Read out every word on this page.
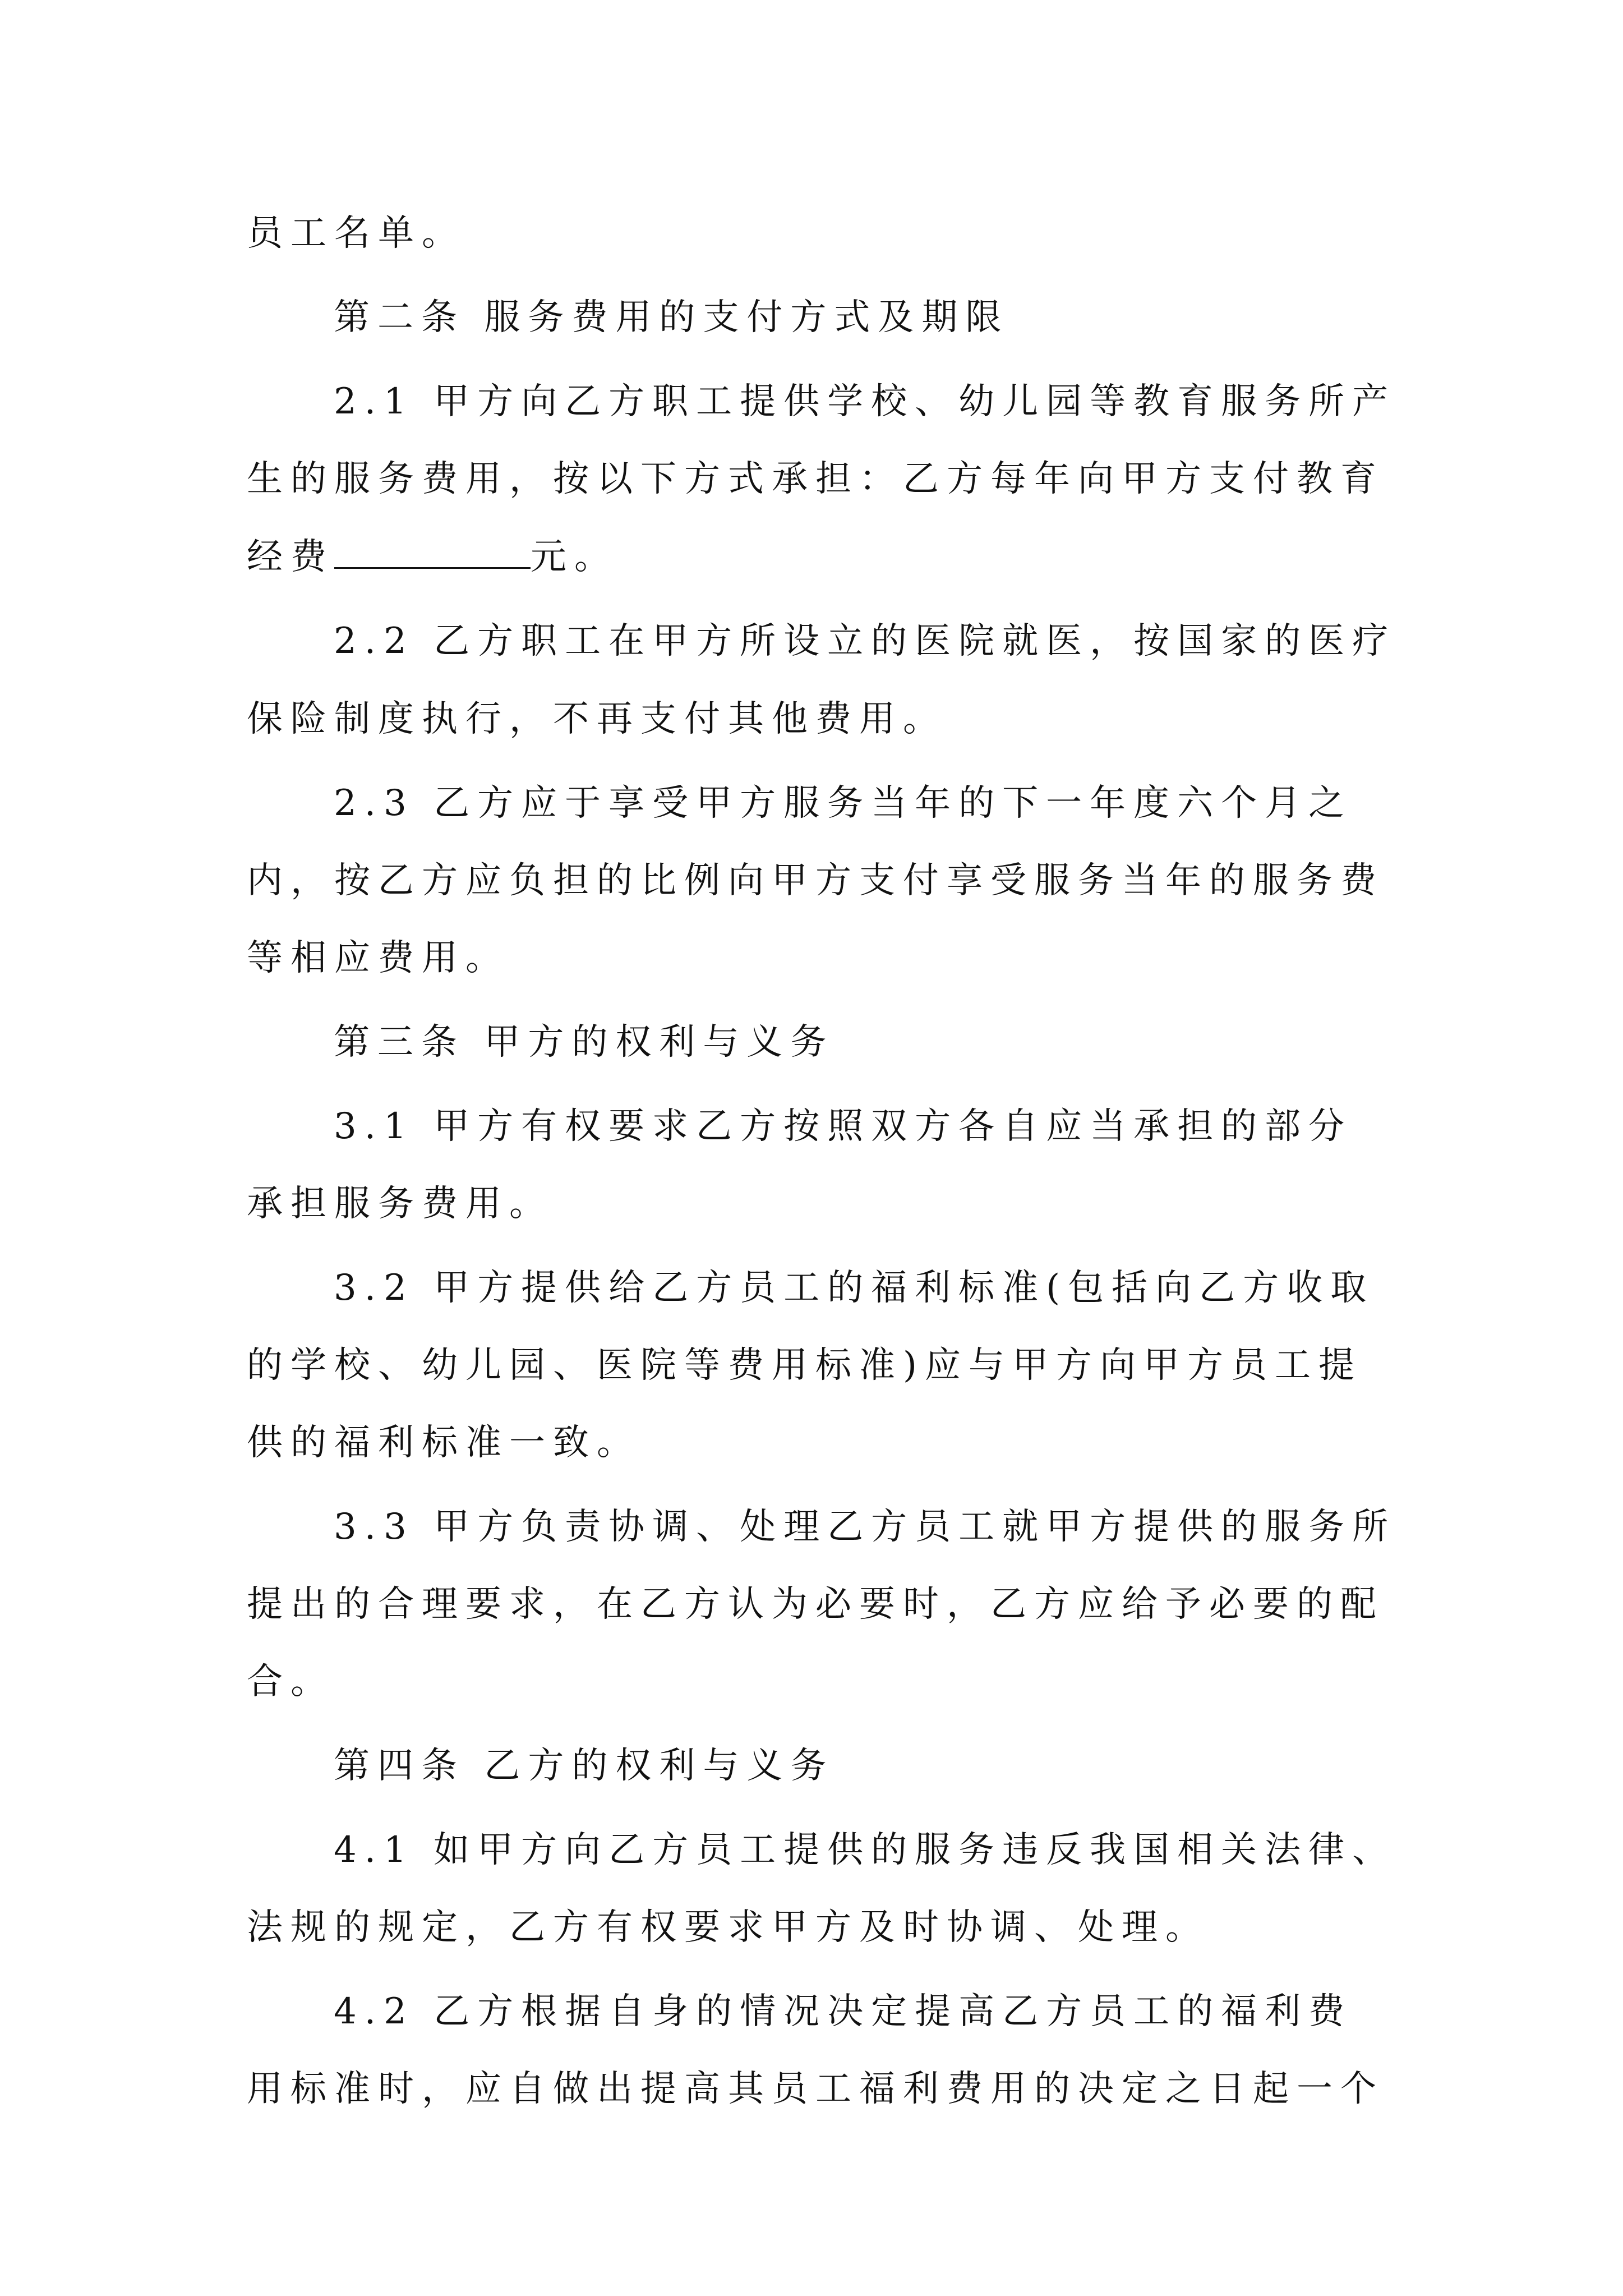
员工名单。
第二条 服务费用的支付方式及期限
2.1 甲方向乙方职工提供学校、幼儿园等教育服务所产
生的服务费用，按以下方式承担：乙方每年向甲方支付教育
经费	元。
2.2 乙方职工在甲方所设立的医院就医，按国家的医疗
保险制度执行，不再支付其他费用。
2.3 乙方应于享受甲方服务当年的下一年度六个月之
内，按乙方应负担的比例向甲方支付享受服务当年的服务费
等相应费用。
第三条 甲方的权利与义务
3.1 甲方有权要求乙方按照双方各自应当承担的部分
承担服务费用。
3.2 甲方提供给乙方员工的福利标准(包括向乙方收取
的学校、幼儿园、医院等费用标准)应与甲方向甲方员工提
供的福利标准一致。
3.3 甲方负责协调、处理乙方员工就甲方提供的服务所
提出的合理要求，在乙方认为必要时，乙方应给予必要的配
合。
第四条 乙方的权利与义务
4.1 如甲方向乙方员工提供的服务违反我国相关法律、
法规的规定，乙方有权要求甲方及时协调、处理。
4.2 乙方根据自身的情况决定提高乙方员工的福利费
用标准时，应自做出提高其员工福利费用的决定之日起一个
